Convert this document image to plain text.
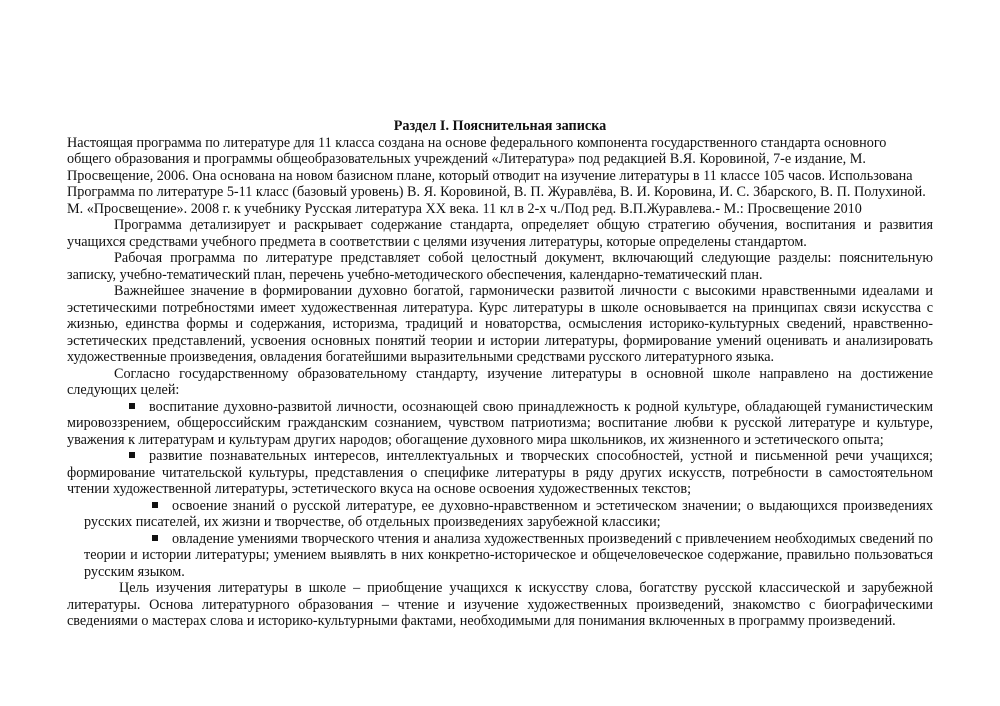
Раздел I. Пояснительная записка

Настоящая программа по литературе для 11 класса создана на основе федерального компонента государственного стандарта основного общего образования и программы общеобразовательных учреждений «Литература» под редакцией В.Я. Коровиной, 7-е издание, М. Просвещение, 2006. Она основана на новом базисном плане, который отводит на изучение литературы в 11 классе 105 часов. Использована Программа по литературе 5-11 класс (базовый уровень) В. Я. Коровиной, В. П. Журавлёва, В. И. Коровина, И. С. Збарского, В. П. Полухиной. М. «Просвещение». 2008 г. к учебнику Русская литература ХХ века. 11 кл в 2-х ч./Под ред. В.П.Журавлева.- М.: Просвещение 2010

Программа детализирует и раскрывает содержание стандарта, определяет общую стратегию обучения, воспитания и развития учащихся средствами учебного предмета в соответствии с целями изучения литературы, которые определены стандартом.

Рабочая программа по литературе представляет собой целостный документ, включающий следующие разделы: пояснительную записку, учебно-тематический план, перечень учебно-методического обеспечения, календарно-тематический план.

Важнейшее значение в формировании духовно богатой, гармонически развитой личности с высокими нравственными идеалами и эстетическими потребностями имеет художественная литература. Курс литературы в школе основывается на принципах связи искусства с жизнью, единства формы и содержания, историзма, традиций и новаторства, осмысления историко-культурных сведений, нравственно-эстетических представлений, усвоения основных понятий теории и истории литературы, формирование умений оценивать и анализировать художественные произведения, овладения богатейшими выразительными средствами русского литературного языка.

Согласно государственному образовательному стандарту, изучение литературы в основной школе направлено на достижение следующих целей:

воспитание духовно-развитой личности, осознающей свою принадлежность к родной культуре, обладающей гуманистическим мировоззрением, общероссийским гражданским сознанием, чувством патриотизма; воспитание любви к русской литературе и культуре, уважения к литературам и культурам других народов; обогащение духовного мира школьников, их жизненного и эстетического опыта;
развитие познавательных интересов, интеллектуальных и творческих способностей, устной и письменной речи учащихся; формирование читательской культуры, представления о специфике литературы в ряду других искусств, потребности в самостоятельном чтении художественной литературы, эстетического вкуса на основе освоения художественных текстов;
освоение знаний о русской литературе, ее духовно-нравственном и эстетическом значении; о выдающихся произведениях русских писателей, их жизни и творчестве, об отдельных произведениях зарубежной классики;
овладение умениями творческого чтения и анализа художественных произведений с привлечением необходимых сведений по теории и истории литературы; умением выявлять в них конкретно-историческое и общечеловеческое содержание, правильно пользоваться русским языком.

Цель изучения литературы в школе – приобщение учащихся к искусству слова, богатству русской классической и зарубежной литературы. Основа литературного образования – чтение и изучение художественных произведений, знакомство с биографическими сведениями о мастерах слова и историко-культурными фактами, необходимыми для понимания включенных в программу произведений.
